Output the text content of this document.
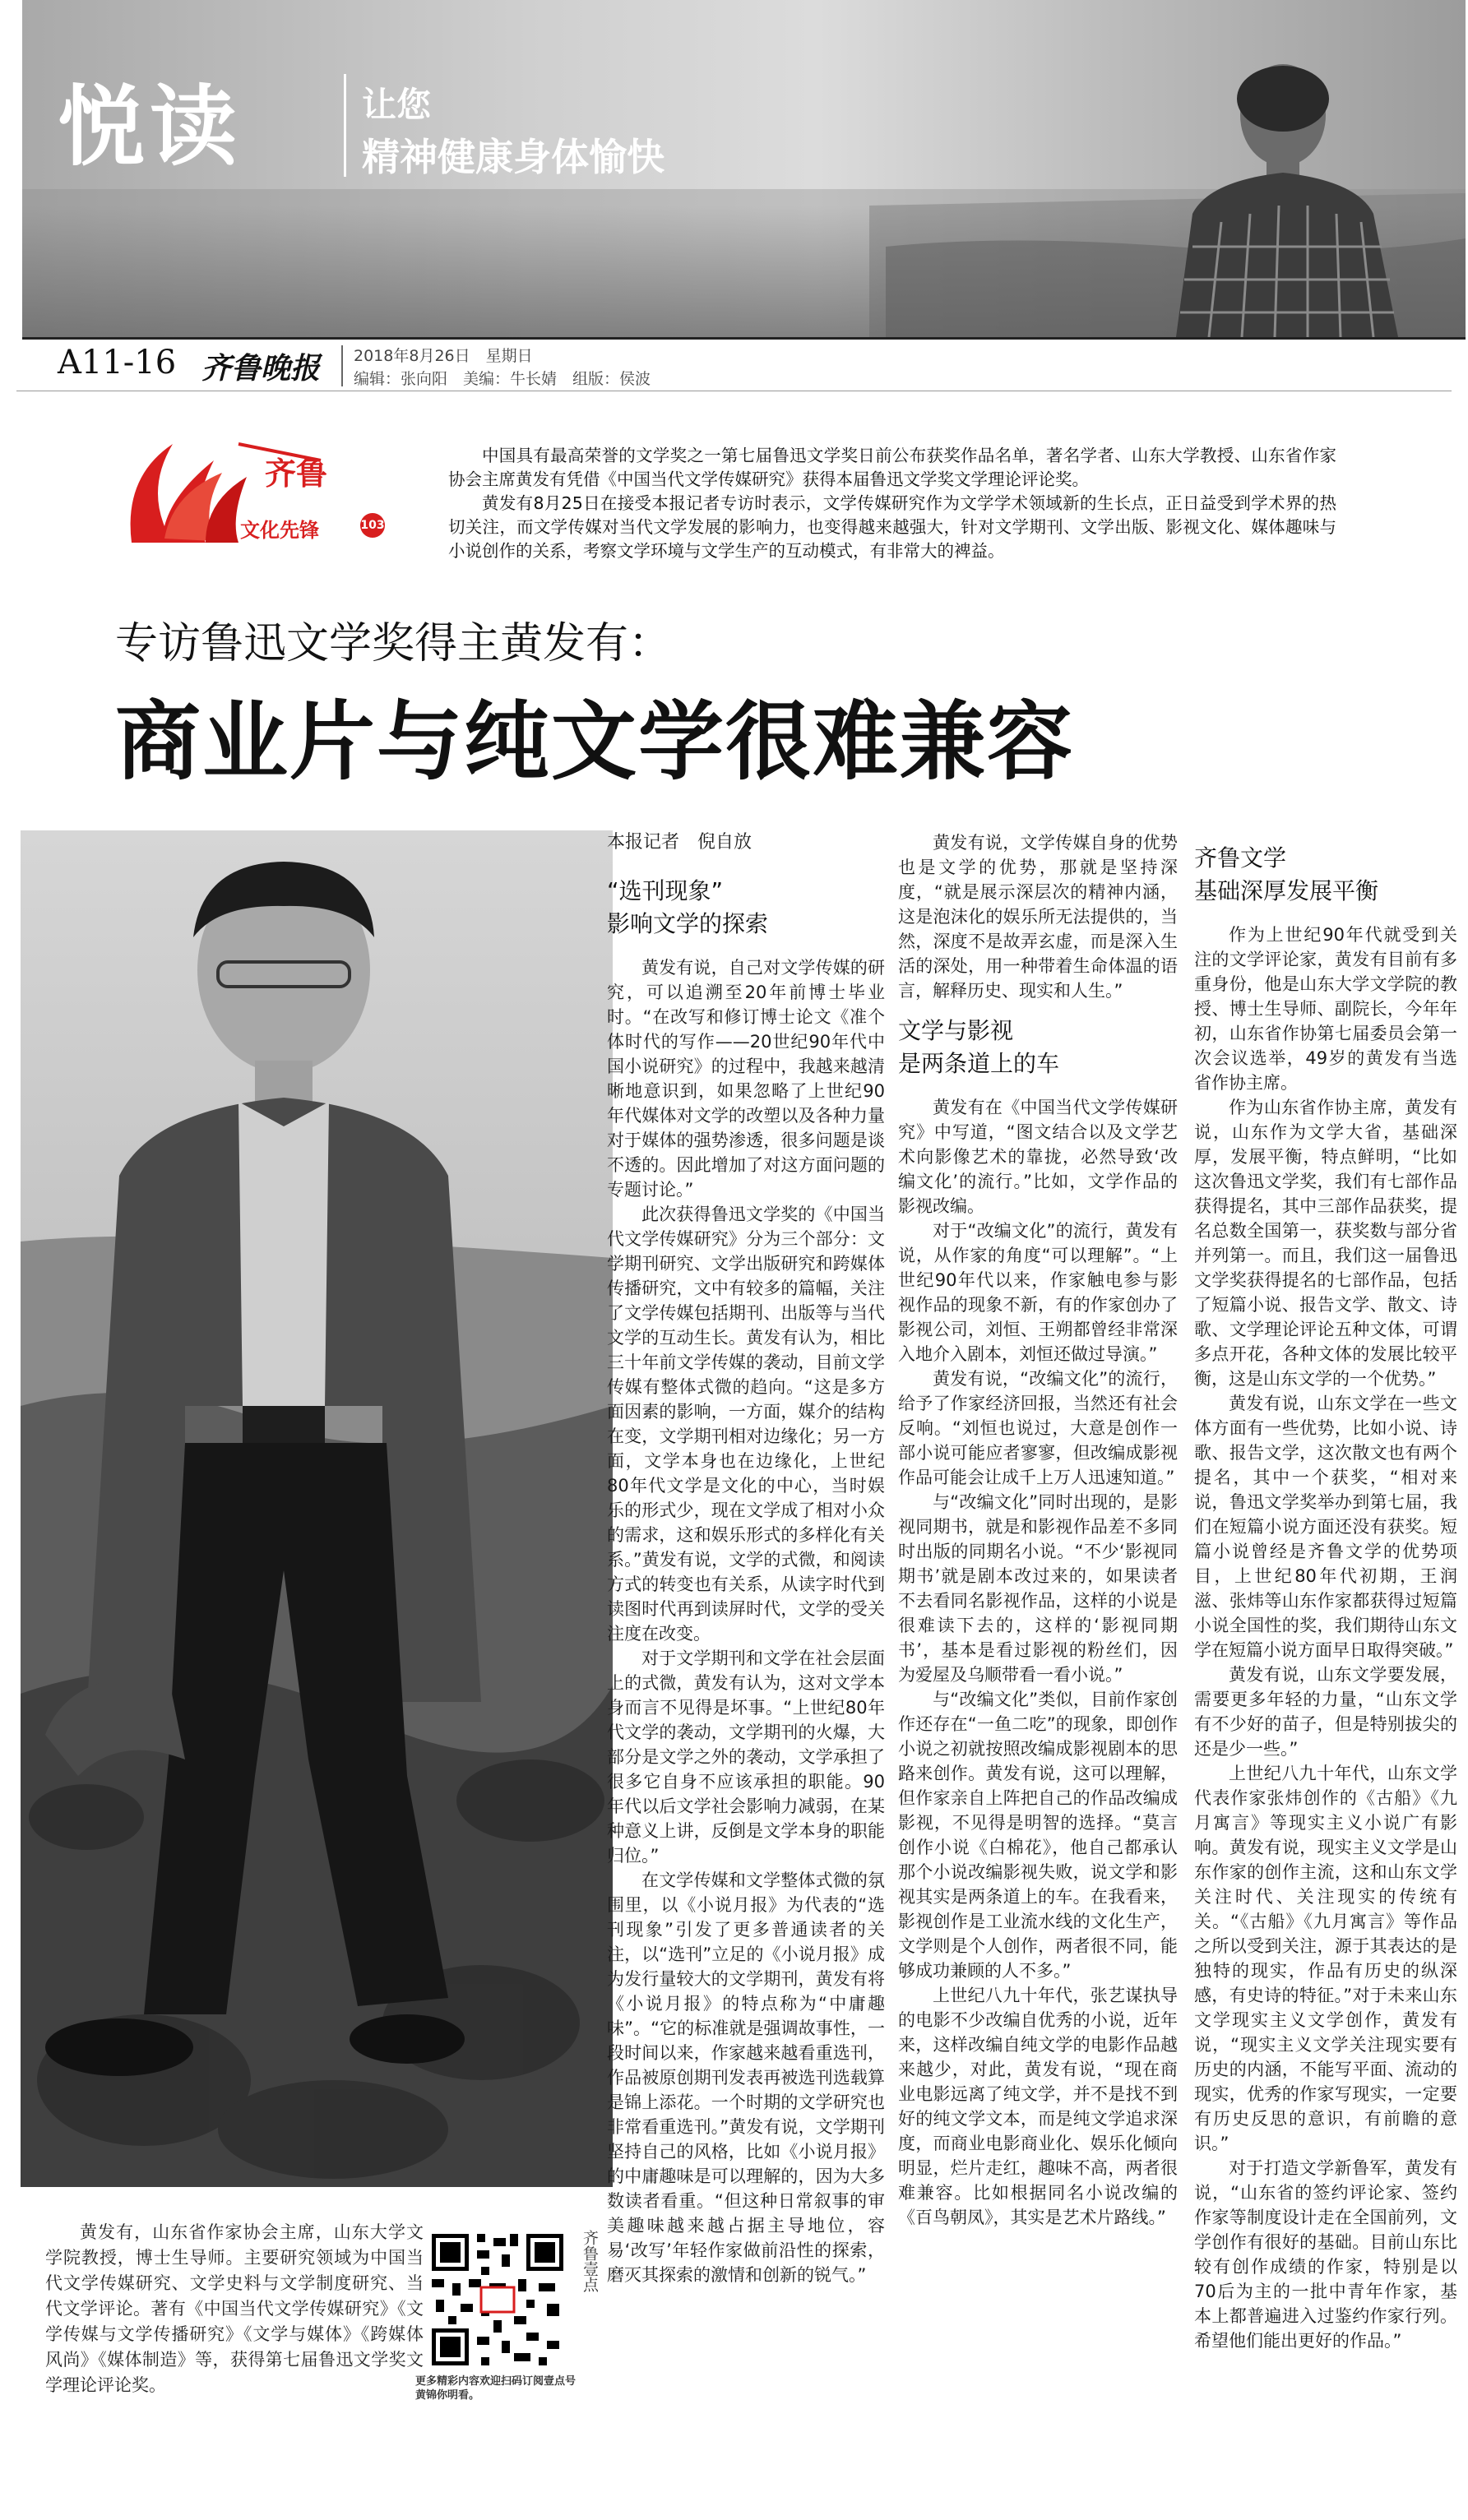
悦读	让您
精神健康身体愉快
A11-16 齐鲁晚报 2018年8月26日　星期日
编辑：张向阳　美编：牛长婧　组版：侯波
齐鲁
文化先锋	103

中国具有最高荣誉的文学奖之一第七届鲁迅文学奖日前公布获奖作品名单，著名学者、山东大学教授、山东省作家协会主席黄发有凭借《中国当代文学传媒研究》获得本届鲁迅文学奖文学理论评论奖。

黄发有8月25日在接受本报记者专访时表示，文学传媒研究作为文学学术领域新的生长点，正日益受到学术界的热切关注，而文学传媒对当代文学发展的影响力，也变得越来越强大，针对文学期刊、文学出版、影视文化、媒体趣味与小说创作的关系，考察文学环境与文学生产的互动模式，有非常大的裨益。

专访鲁迅文学奖得主黄发有：
商业片与纯文学很难兼容

黄发有，山东省作家协会主席，山东大学文学院教授，博士生导师。主要研究领域为中国当代文学传媒研究、文学史料与文学制度研究、当代文学评论。著有《中国当代文学传媒研究》《文学传媒与文学传播研究》《文学与媒体》《跨媒体风尚》《媒体制造》等，获得第七届鲁迅文学奖文学理论评论奖。

齐鲁壹点
更多精彩内容欢迎扫码订阅壹点号黄锦你明看。
本报记者　倪自放
“选刊现象”
影响文学的探索

黄发有说，自己对文学传媒的研究，可以追溯至20年前博士毕业时。“在改写和修订博士论文《准个体时代的写作——20世纪90年代中国小说研究》的过程中，我越来越清晰地意识到，如果忽略了上世纪90年代媒体对文学的改塑以及各种力量对于媒体的强势渗透，很多问题是谈不透的。因此增加了对这方面问题的专题讨论。”

此次获得鲁迅文学奖的《中国当代文学传媒研究》分为三个部分：文学期刊研究、文学出版研究和跨媒体传播研究，文中有较多的篇幅，关注了文学传媒包括期刊、出版等与当代文学的互动生长。黄发有认为，相比三十年前文学传媒的袭动，目前文学传媒有整体式微的趋向。“这是多方面因素的影响，一方面，媒介的结构在变，文学期刊相对边缘化；另一方面，文学本身也在边缘化，上世纪80年代文学是文化的中心，当时娱乐的形式少，现在文学成了相对小众的需求，这和娱乐形式的多样化有关系。”黄发有说，文学的式微，和阅读方式的转变也有关系，从读字时代到读图时代再到读屏时代，文学的受关注度在改变。

对于文学期刊和文学在社会层面上的式微，黄发有认为，这对文学本身而言不见得是坏事。“上世纪80年代文学的袭动，文学期刊的火爆，大部分是文学之外的袭动，文学承担了很多它自身不应该承担的职能。90年代以后文学社会影响力减弱，在某种意义上讲，反倒是文学本身的职能归位。”

在文学传媒和文学整体式微的氛围里，以《小说月报》为代表的“选刊现象”引发了更多普通读者的关注，以“选刊”立足的《小说月报》成为发行量较大的文学期刊，黄发有将《小说月报》的特点称为“中庸趣味”。“它的标准就是强调故事性，一段时间以来，作家越来越看重选刊，作品被原创期刊发表再被选刊选载算是锦上添花。一个时期的文学研究也非常看重选刊。”黄发有说，文学期刊坚持自己的风格，比如《小说月报》的中庸趣味是可以理解的，因为大多数读者看重。“但这种日常叙事的审美趣味越来越占据主导地位，容易‘改写’年轻作家做前沿性的探索，磨灭其探索的激情和创新的锐气。”

黄发有说，文学传媒自身的优势也是文学的优势，那就是坚持深度，“就是展示深层次的精神内涵，这是泡沫化的娱乐所无法提供的，当然，深度不是故弄玄虚，而是深入生活的深处，用一种带着生命体温的语言，解释历史、现实和人生。”

文学与影视
是两条道上的车

黄发有在《中国当代文学传媒研究》中写道，“图文结合以及文学艺术向影像艺术的靠拢，必然导致‘改编文化’的流行。”比如，文学作品的影视改编。

对于“改编文化”的流行，黄发有说，从作家的角度“可以理解”。“上世纪90年代以来，作家触电参与影视作品的现象不新，有的作家创办了影视公司，刘恒、王朔都曾经非常深入地介入剧本，刘恒还做过导演。”

黄发有说，“改编文化”的流行，给予了作家经济回报，当然还有社会反响。“刘恒也说过，大意是创作一部小说可能应者寥寥，但改编成影视作品可能会让成千上万人迅速知道。”

与“改编文化”同时出现的，是影视同期书，就是和影视作品差不多同时出版的同期名小说。“不少‘影视同期书’就是剧本改过来的，如果读者不去看同名影视作品，这样的小说是很难读下去的，这样的‘影视同期书’，基本是看过影视的粉丝们，因为爱屋及乌顺带看一看小说。”

与“改编文化”类似，目前作家创作还存在“一鱼二吃”的现象，即创作小说之初就按照改编成影视剧本的思路来创作。黄发有说，这可以理解，但作家亲自上阵把自己的作品改编成影视，不见得是明智的选择。“莫言创作小说《白棉花》，他自己都承认那个小说改编影视失败，说文学和影视其实是两条道上的车。在我看来，影视创作是工业流水线的文化生产，文学则是个人创作，两者很不同，能够成功兼顾的人不多。”

上世纪八九十年代，张艺谋执导的电影不少改编自优秀的小说，近年来，这样改编自纯文学的电影作品越来越少，对此，黄发有说，“现在商业电影远离了纯文学，并不是找不到好的纯文学文本，而是纯文学追求深度，而商业电影商业化、娱乐化倾向明显，烂片走红，趣味不高，两者很难兼容。比如根据同名小说改编的《百鸟朝凤》，其实是艺术片路线。”

齐鲁文学
基础深厚发展平衡

作为上世纪90年代就受到关注的文学评论家，黄发有目前有多重身份，他是山东大学文学院的教授、博士生导师、副院长，今年年初，山东省作协第七届委员会第一次会议选举，49岁的黄发有当选省作协主席。

作为山东省作协主席，黄发有说，山东作为文学大省，基础深厚，发展平衡，特点鲜明，“比如这次鲁迅文学奖，我们有七部作品获得提名，其中三部作品获奖，提名总数全国第一，获奖数与部分省并列第一。而且，我们这一届鲁迅文学奖获得提名的七部作品，包括了短篇小说、报告文学、散文、诗歌、文学理论评论五种文体，可谓多点开花，各种文体的发展比较平衡，这是山东文学的一个优势。”

黄发有说，山东文学在一些文体方面有一些优势，比如小说、诗歌、报告文学，这次散文也有两个提名，其中一个获奖，“相对来说，鲁迅文学奖举办到第七届，我们在短篇小说方面还没有获奖。短篇小说曾经是齐鲁文学的优势项目，上世纪80年代初期，王润滋、张炜等山东作家都获得过短篇小说全国性的奖，我们期待山东文学在短篇小说方面早日取得突破。”

黄发有说，山东文学要发展，需要更多年轻的力量，“山东文学有不少好的苗子，但是特别拔尖的还是少一些。”

上世纪八九十年代，山东文学代表作家张炜创作的《古船》《九月寓言》等现实主义小说广有影响。黄发有说，现实主义文学是山东作家的创作主流，这和山东文学关注时代、关注现实的传统有关。“《古船》《九月寓言》等作品之所以受到关注，源于其表达的是独特的现实，作品有历史的纵深感，有史诗的特征。”对于未来山东文学现实主义文学创作，黄发有说，“现实主义文学关注现实要有历史的内涵，不能写平面、流动的现实，优秀的作家写现实，一定要有历史反思的意识，有前瞻的意识。”

对于打造文学新鲁军，黄发有说，“山东省的签约评论家、签约作家等制度设计走在全国前列，文学创作有很好的基础。目前山东比较有创作成绩的作家，特别是以70后为主的一批中青年作家，基本上都普遍进入过鉴约作家行列。希望他们能出更好的作品。”
